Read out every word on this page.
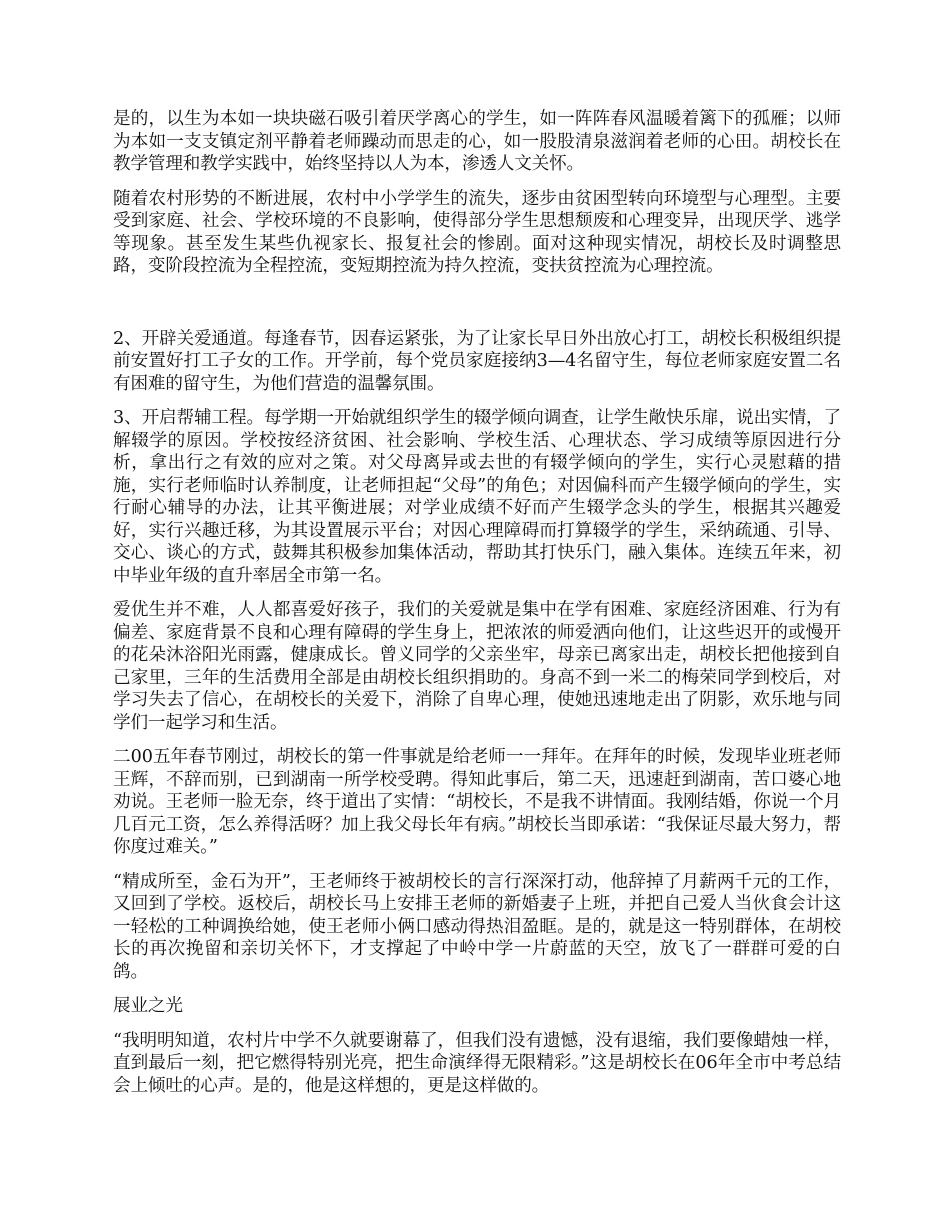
是的，以生为本如一块块磁石吸引着厌学离心的学生，如一阵阵春风温暖着篱下的孤雁；以师为本如一支支镇定剂平静着老师躁动而思走的心，如一股股清泉滋润着老师的心田。胡校长在教学管理和教学实践中，始终坚持以人为本，渗透人文关怀。

随着农村形势的不断进展，农村中小学学生的流失，逐步由贫困型转向环境型与心理型。主要受到家庭、社会、学校环境的不良影响，使得部分学生思想颓废和心理变异，出现厌学、逃学等现象。甚至发生某些仇视家长、报复社会的惨剧。面对这种现实情况，胡校长及时调整思路，变阶段控流为全程控流，变短期控流为持久控流，变扶贫控流为心理控流。

2、开辟关爱通道。每逢春节，因春运紧张，为了让家长早日外出放心打工，胡校长积极组织提前安置好打工子女的工作。开学前，每个党员家庭接纳3—4名留守生，每位老师家庭安置二名有困难的留守生，为他们营造的温馨氛围。

3、开启帮辅工程。每学期一开始就组织学生的辍学倾向调查，让学生敞快乐扉，说出实情，了解辍学的原因。学校按经济贫困、社会影响、学校生活、心理状态、学习成绩等原因进行分析，拿出行之有效的应对之策。对父母离异或去世的有辍学倾向的学生，实行心灵慰藉的措施，实行老师临时认养制度，让老师担起“父母”的角色；对因偏科而产生辍学倾向的学生，实行耐心辅导的办法，让其平衡进展；对学业成绩不好而产生辍学念头的学生，根据其兴趣爱好，实行兴趣迁移，为其设置展示平台；对因心理障碍而打算辍学的学生，采纳疏通、引导、交心、谈心的方式，鼓舞其积极参加集体活动，帮助其打快乐门，融入集体。连续五年来，初中毕业年级的直升率居全市第一名。

爱优生并不难，人人都喜爱好孩子，我们的关爱就是集中在学有困难、家庭经济困难、行为有偏差、家庭背景不良和心理有障碍的学生身上，把浓浓的师爱洒向他们，让这些迟开的或慢开的花朵沐浴阳光雨露，健康成长。曾义同学的父亲坐牢，母亲已离家出走，胡校长把他接到自己家里，三年的生活费用全部是由胡校长组织捐助的。身高不到一米二的梅荣同学到校后，对学习失去了信心，在胡校长的关爱下，消除了自卑心理，使她迅速地走出了阴影，欢乐地与同学们一起学习和生活。

二00五年春节刚过，胡校长的第一件事就是给老师一一拜年。在拜年的时候，发现毕业班老师王辉，不辞而别，已到湖南一所学校受聘。得知此事后，第二天，迅速赶到湖南，苦口婆心地劝说。王老师一脸无奈，终于道出了实情：“胡校长，不是我不讲情面。我刚结婚，你说一个月几百元工资，怎么养得活呀？加上我父母长年有病。”胡校长当即承诺：“我保证尽最大努力，帮你度过难关。”

“精成所至，金石为开”，王老师终于被胡校长的言行深深打动，他辞掉了月薪两千元的工作，又回到了学校。返校后，胡校长马上安排王老师的新婚妻子上班，并把自己爱人当伙食会计这一轻松的工种调换给她，使王老师小俩口感动得热泪盈眶。是的，就是这一特别群体，在胡校长的再次挽留和亲切关怀下，才支撑起了中岭中学一片蔚蓝的天空，放飞了一群群可爱的白鸽。

展业之光

“我明明知道，农村片中学不久就要谢幕了，但我们没有遗憾，没有退缩，我们要像蜡烛一样，直到最后一刻，把它燃得特别光亮，把生命演绎得无限精彩。”这是胡校长在06年全市中考总结会上倾吐的心声。是的，他是这样想的，更是这样做的。
